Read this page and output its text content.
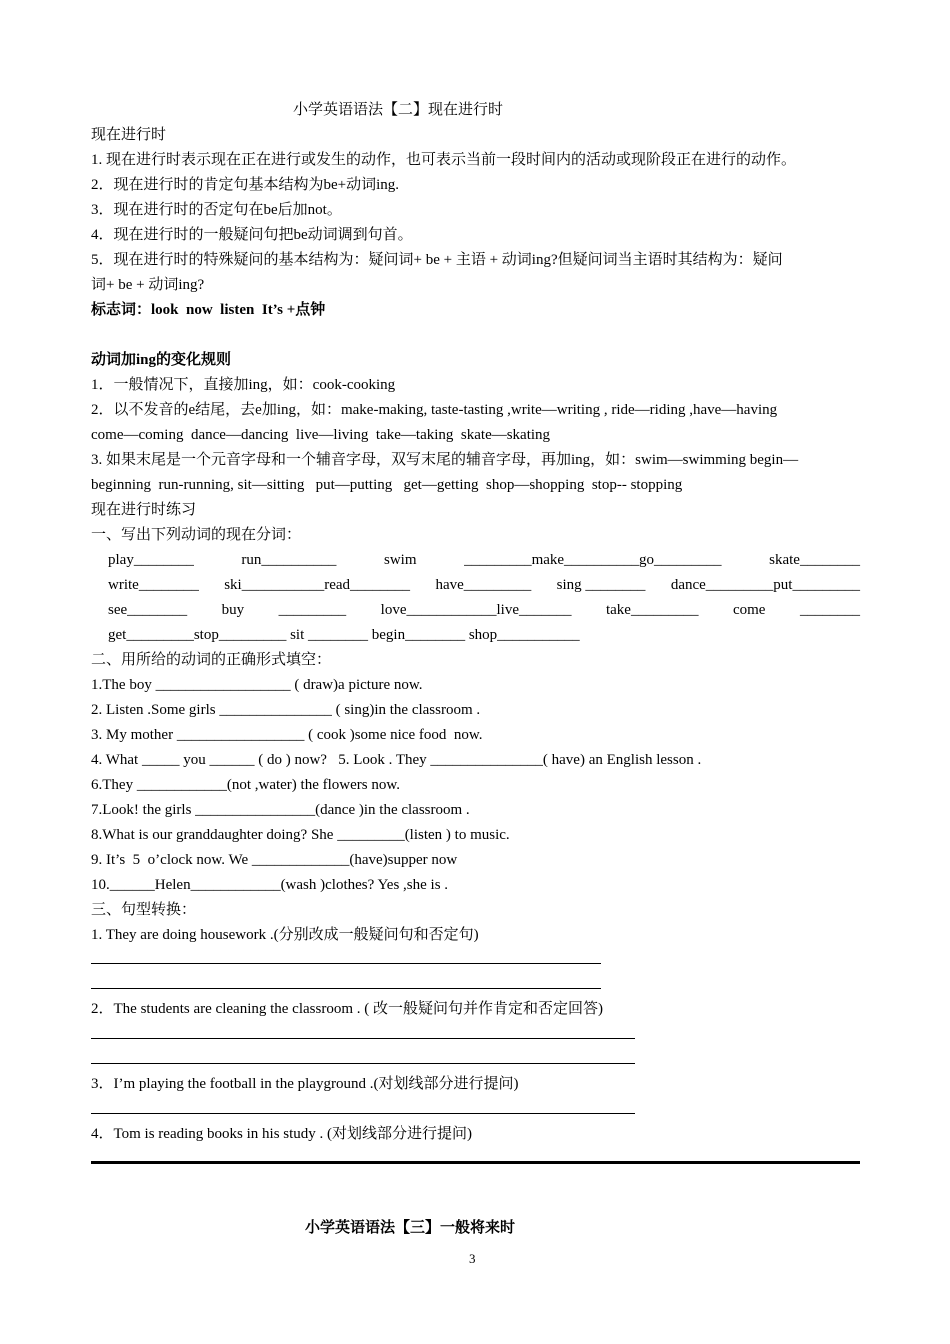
小学英语语法【二】现在进行时
现在进行时
1. 现在进行时表示现在正在进行或发生的动作，也可表示当前一段时间内的活动或现阶段正在进行的动作。
2．现在进行时的肯定句基本结构为be+动词ing.
3．现在进行时的否定句在be后加not。
4．现在进行时的一般疑问句把be动词调到句首。
5．现在进行时的特殊疑问的基本结构为：疑问词+ be + 主语 + 动词ing?但疑问词当主语时其结构为：疑问
词+ be + 动词ing?
标志词：look  now  listen  It’s +点钟
动词加ing的变化规则
1．一般情况下，直接加ing，如：cook-cooking
2．以不发音的e结尾，去e加ing，如：make-making, taste-tasting ,write—writing , ride—riding ,have—having
come—coming  dance—dancing  live—living  take—taking  skate—skating
3. 如果末尾是一个元音字母和一个辅音字母，双写末尾的辅音字母，再加ing，如：swim—swimming begin—
beginning  run-running, sit—sitting   put—putting   get—getting  shop—shopping  stop-- stopping
现在进行时练习
一、写出下列动词的现在分词：
play________	run__________	swim	_________make__________go_________	skate________
write________ ski___________read________ have_________ sing ________ dance_________put_________
see________ buy _________ love____________live_______ take_________ come ________
get_________stop_________ sit ________ begin________ shop___________
二、用所给的动词的正确形式填空：
1.The boy __________________ ( draw)a picture now.
2. Listen .Some girls _______________ ( sing)in the classroom .
3. My mother _________________ ( cook )some nice food  now.
4. What _____ you ______ ( do ) now?   5. Look . They _______________( have) an English lesson .
6.They ____________(not ,water) the flowers now.
7.Look! the girls ________________(dance )in the classroom .
8.What is our granddaughter doing? She _________(listen ) to music.
9. It’s  5  o’clock now. We _____________(have)supper now
10.______Helen____________(wash )clothes? Yes ,she is .
三、句型转换：
1. They are doing housework .(分别改成一般疑问句和否定句)
2．The students are cleaning the classroom . ( 改一般疑问句并作肯定和否定回答)
3．I’m playing the football in the playground .(对划线部分进行提问)
4．Tom is reading books in his study . (对划线部分进行提问)
小学英语语法【三】一般将来时
3
